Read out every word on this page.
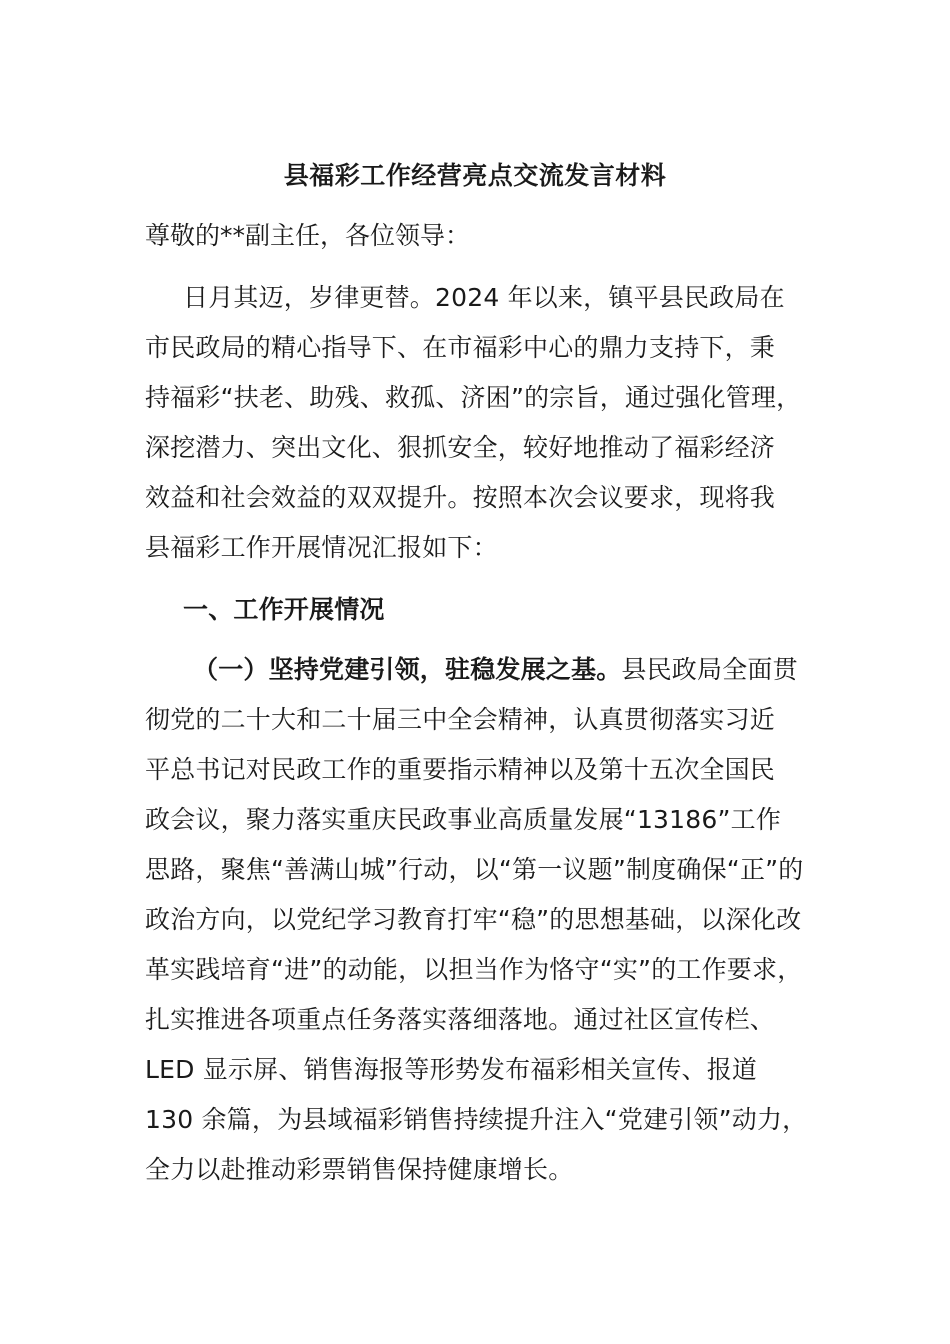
县福彩工作经营亮点交流发言材料
尊敬的**副主任，各位领导：
日月其迈，岁律更替。2024 年以来，镇平县民政局在
市民政局的精心指导下、在市福彩中心的鼎力支持下，秉
持福彩“扶老、助残、救孤、济困”的宗旨，通过强化管理，
深挖潜力、突出文化、狠抓安全，较好地推动了福彩经济
效益和社会效益的双双提升。按照本次会议要求，现将我
县福彩工作开展情况汇报如下：
一、工作开展情况
（一）坚持党建引领，驻稳发展之基。县民政局全面贯
彻党的二十大和二十届三中全会精神，认真贯彻落实习近
平总书记对民政工作的重要指示精神以及第十五次全国民
政会议，聚力落实重庆民政事业高质量发展“13186”工作
思路，聚焦“善满山城”行动，以“第一议题”制度确保“正”的
政治方向，以党纪学习教育打牢“稳”的思想基础，以深化改
革实践培育“进”的动能，以担当作为恪守“实”的工作要求，
扎实推进各项重点任务落实落细落地。通过社区宣传栏、
LED 显示屏、销售海报等形势发布福彩相关宣传、报道
130 余篇，为县域福彩销售持续提升注入“党建引领”动力，
全力以赴推动彩票销售保持健康增长。
